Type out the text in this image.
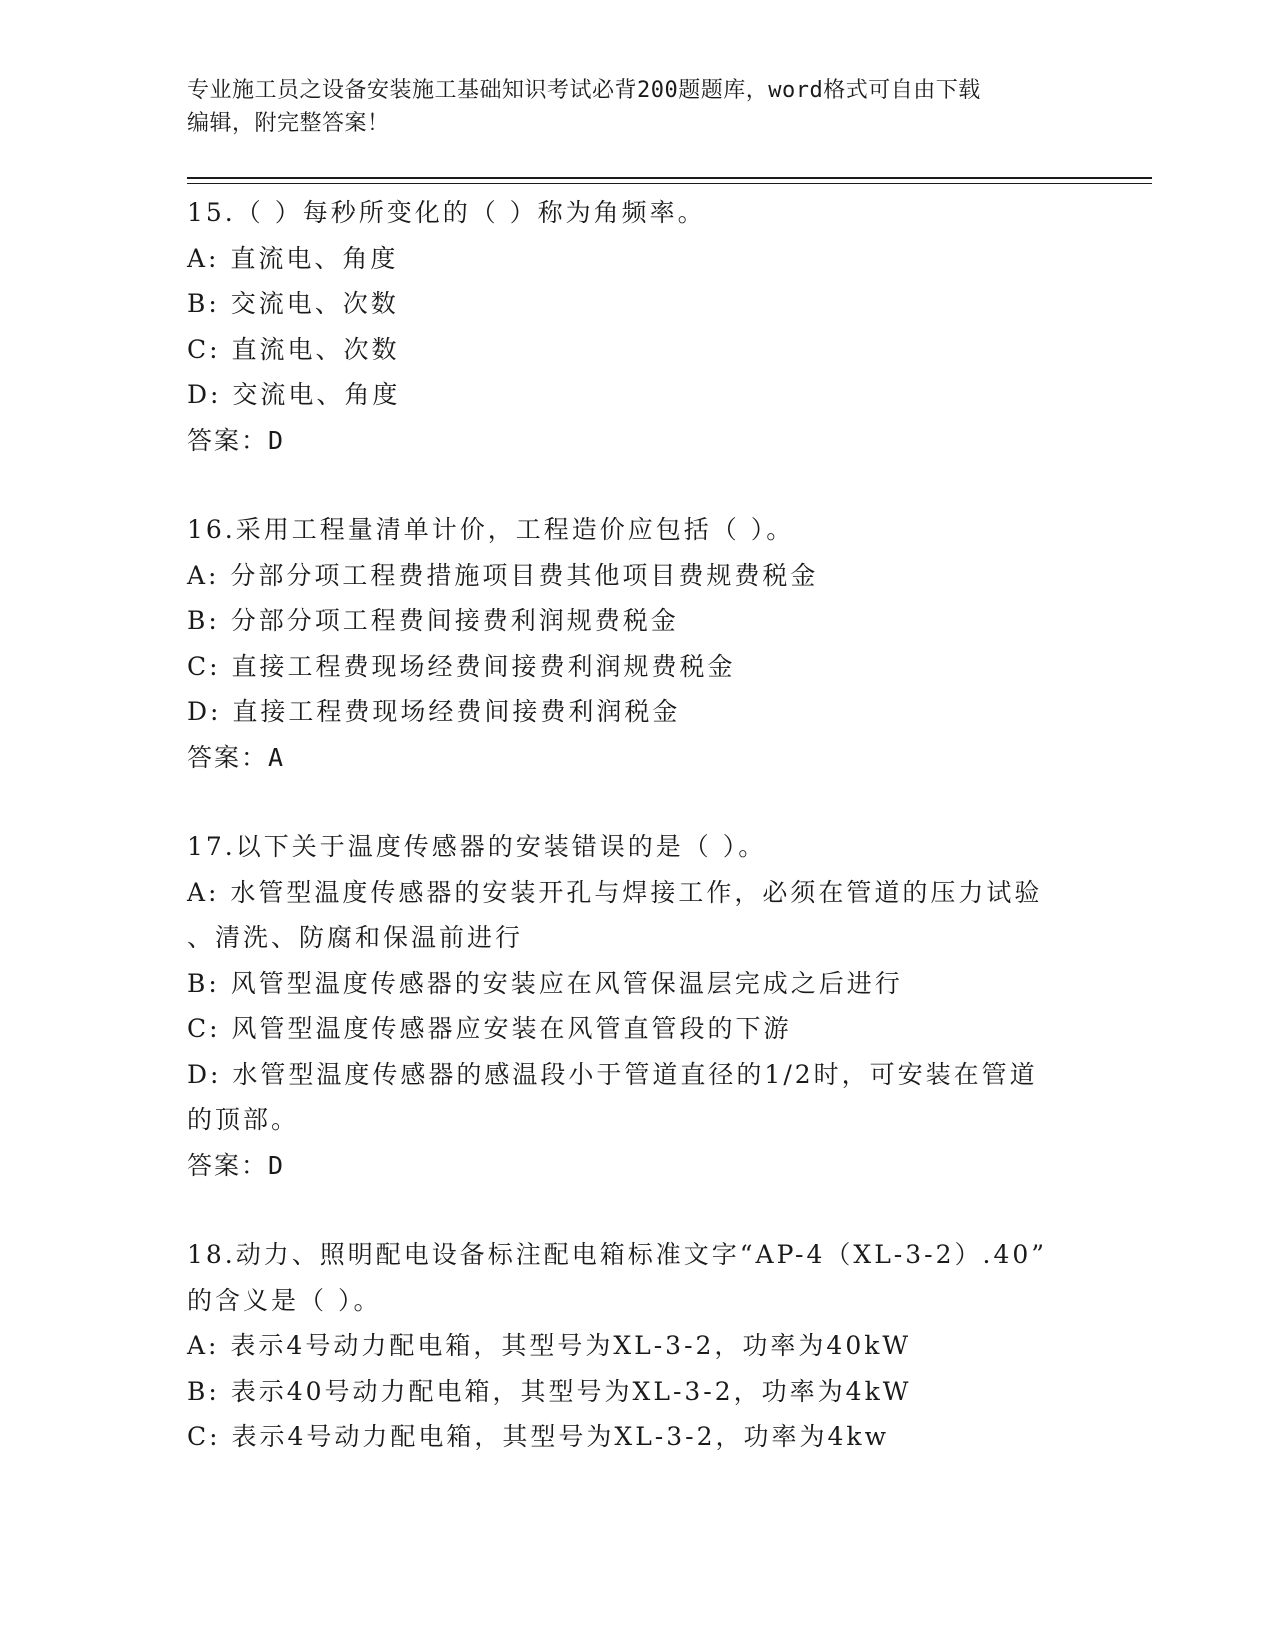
专业施工员之设备安装施工基础知识考试必背200题题库，word格式可自由下载
编辑，附完整答案！
15.（ ）每秒所变化的（ ）称为角频率。
A: 直流电、角度
B: 交流电、次数
C: 直流电、次数
D: 交流电、角度
答案：D
16.采用工程量清单计价，工程造价应包括（ ）。
A: 分部分项工程费措施项目费其他项目费规费税金
B: 分部分项工程费间接费利润规费税金
C: 直接工程费现场经费间接费利润规费税金
D: 直接工程费现场经费间接费利润税金
答案：A
17.以下关于温度传感器的安装错误的是（ ）。
A: 水管型温度传感器的安装开孔与焊接工作，必须在管道的压力试验
、清洗、防腐和保温前进行
B: 风管型温度传感器的安装应在风管保温层完成之后进行
C: 风管型温度传感器应安装在风管直管段的下游
D: 水管型温度传感器的感温段小于管道直径的1/2时，可安装在管道
的顶部。
答案：D
18.动力、照明配电设备标注配电箱标准文字“AP-4（XL-3-2）.40”
的含义是（ ）。
A: 表示4号动力配电箱，其型号为XL-3-2，功率为40kW
B: 表示40号动力配电箱，其型号为XL-3-2，功率为4kW
C: 表示4号动力配电箱，其型号为XL-3-2，功率为4kw
